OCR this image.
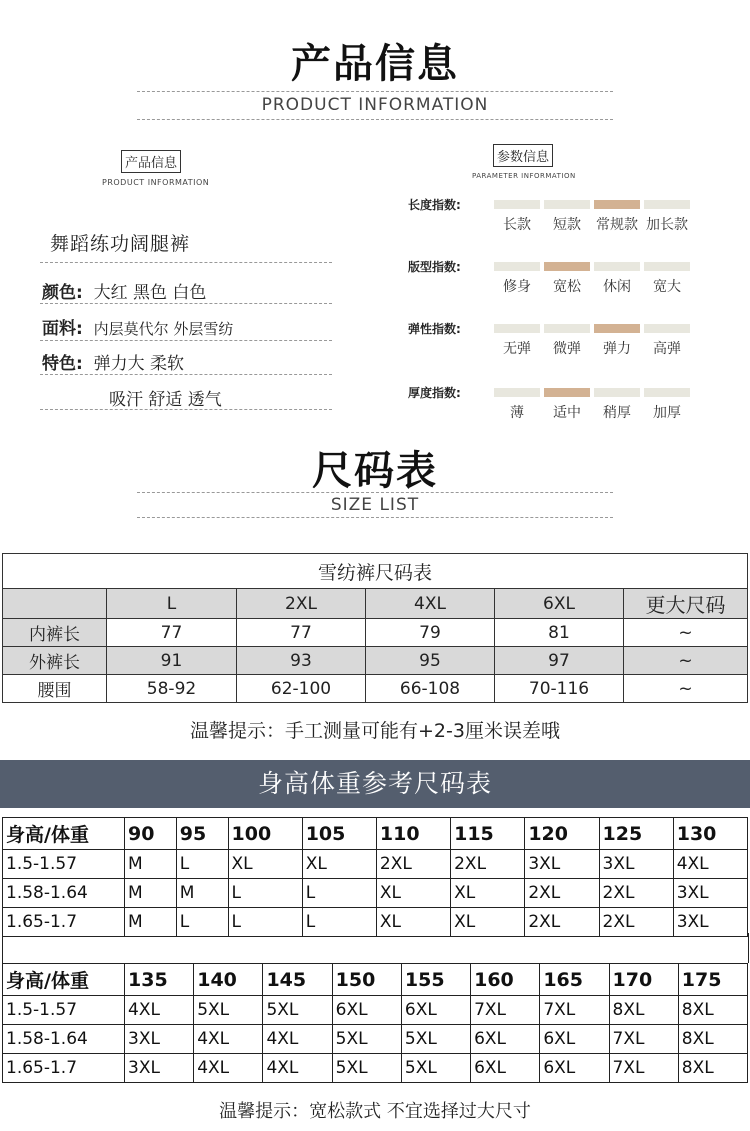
产品信息
PRODUCT INFORMATION
产品信息
PRODUCT INFORMATION
舞蹈练功阔腿裤
颜色: 大红 黑色 白色
面料: 内层莫代尔 外层雪纺
特色: 弹力大 柔软
吸汗 舒适 透气
参数信息
PARAMETER INFORMATION
长度指数:
长款	短款	常规款 加长款
版型指数:
修身	宽松	休闲	宽大
弹性指数:
无弹	微弹	弹力	高弹
厚度指数:
薄	适中	稍厚	加厚
尺码表
SIZE LIST
雪纺裤尺码表					
	L	2XL	4XL	6XL	更大尺码
内裤长	77	77	79	81	~
外裤长	91	93	95	97	~
腰围	58-92	62-100	66-108	70-116	~
温馨提示：手工测量可能有+2-3厘米误差哦
身高体重参考尺码表
身高/体重	90	95	100	105	110	115	120	125	130
1.5-1.57	M	L	XL	XL	2XL	2XL	3XL	3XL	4XL
1.58-1.64	M	M	L	L	XL	XL	2XL	2XL	3XL
1.65-1.7	M	L	L	L	XL	XL	2XL	2XL	3XL
身高/体重	135	140	145	150	155	160	165	170	175
1.5-1.57	4XL	5XL	5XL	6XL	6XL	7XL	7XL	8XL	8XL
1.58-1.64	3XL	4XL	4XL	5XL	5XL	6XL	6XL	7XL	8XL
1.65-1.7	3XL	4XL	4XL	5XL	5XL	6XL	6XL	7XL	8XL
温馨提示：宽松款式 不宜选择过大尺寸
